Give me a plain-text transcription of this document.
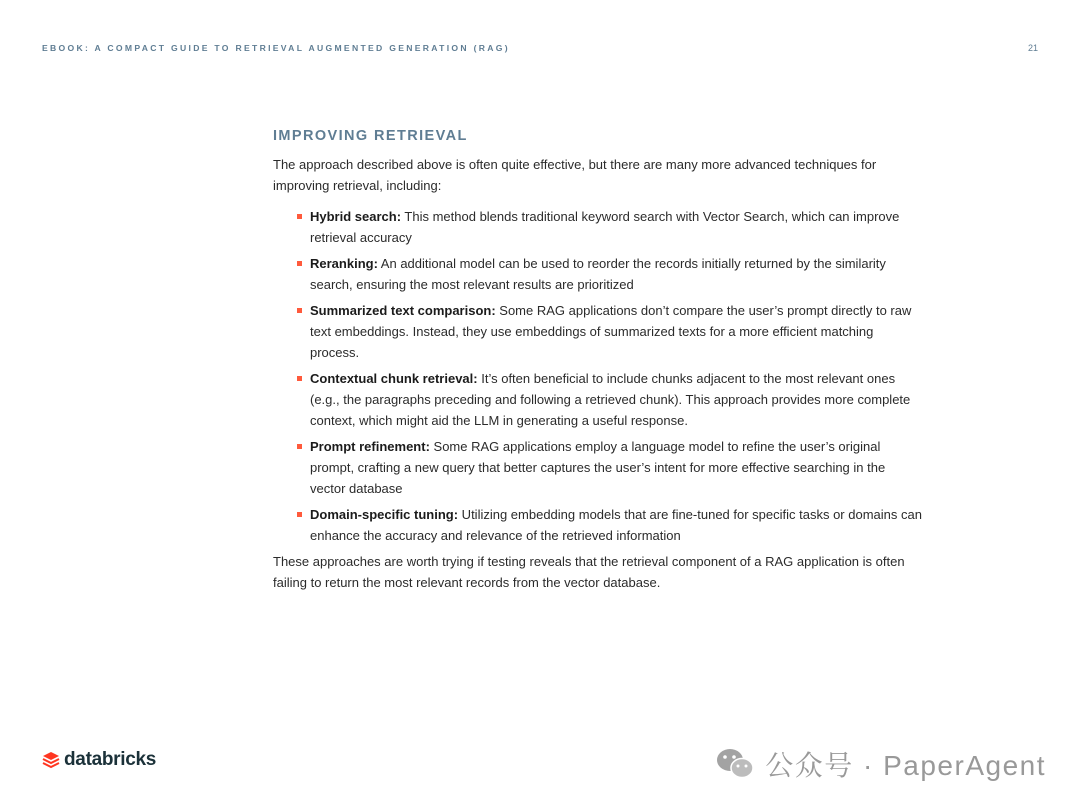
EBOOK: A COMPACT GUIDE TO RETRIEVAL AUGMENTED GENERATION (RAG)	21
IMPROVING RETRIEVAL

The approach described above is often quite effective, but there are many more advanced techniques for improving retrieval, including:

Hybrid search: This method blends traditional keyword search with Vector Search, which can improve retrieval accuracy
Reranking: An additional model can be used to reorder the records initially returned by the similarity search, ensuring the most relevant results are prioritized
Summarized text comparison: Some RAG applications don’t compare the user’s prompt directly to raw text embeddings. Instead, they use embeddings of summarized texts for a more efficient matching process.
Contextual chunk retrieval: It’s often beneficial to include chunks adjacent to the most relevant ones (e.g., the paragraphs preceding and following a retrieved chunk). This approach provides more complete context, which might aid the LLM in generating a useful response.
Prompt refinement: Some RAG applications employ a language model to refine the user’s original prompt, crafting a new query that better captures the user’s intent for more effective searching in the vector database
Domain-specific tuning: Utilizing embedding models that are fine-tuned for specific tasks or domains can enhance the accuracy and relevance of the retrieved information

These approaches are worth trying if testing reveals that the retrieval component of a RAG application is often failing to return the most relevant records from the vector database.

databricks	公众号 · PaperAgent
